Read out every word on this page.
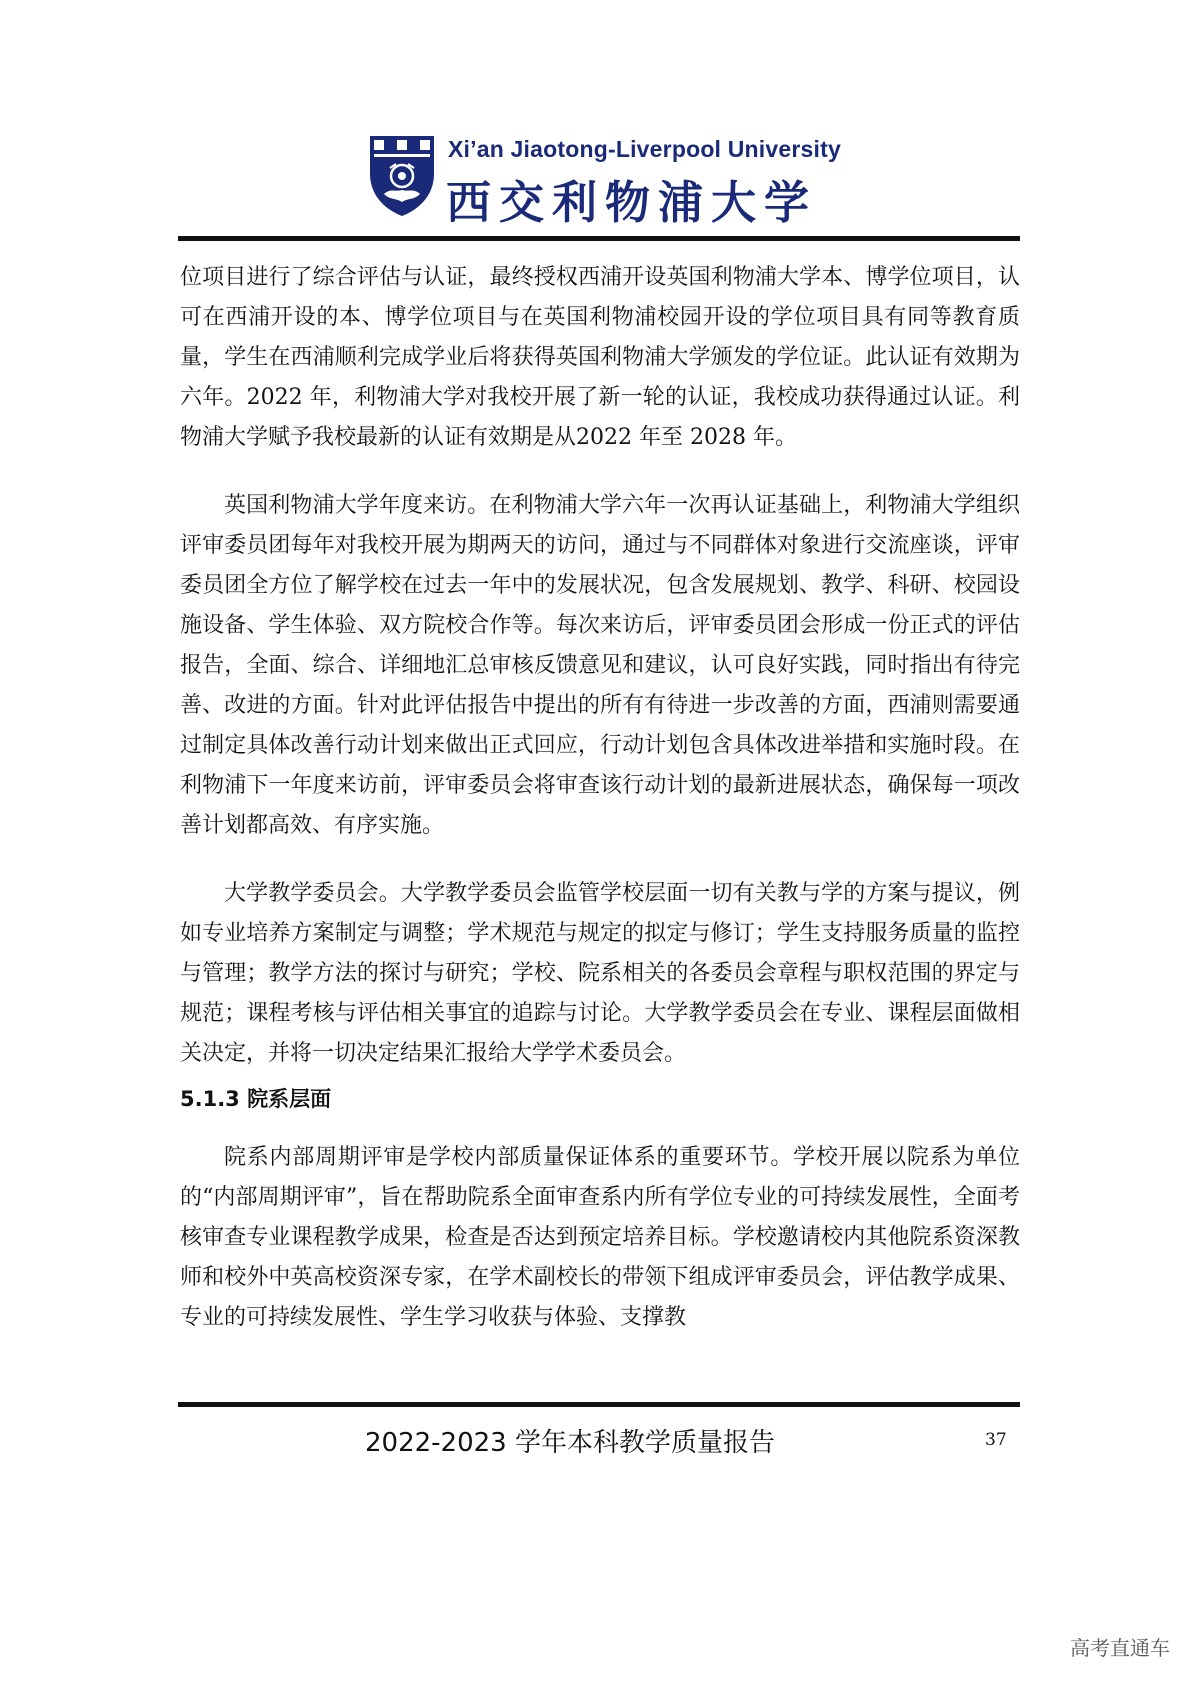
Xi’an Jiaotong-Liverpool University
西交利物浦大学

位项目进行了综合评估与认证，最终授权西浦开设英国利物浦大学本、博学位项目，认可在西浦开设的本、博学位项目与在英国利物浦校园开设的学位项目具有同等教育质量，学生在西浦顺利完成学业后将获得英国利物浦大学颁发的学位证。此认证有效期为六年。2022 年，利物浦大学对我校开展了新一轮的认证，我校成功获得通过认证。利物浦大学赋予我校最新的认证有效期是从2022 年至 2028 年。

英国利物浦大学年度来访。在利物浦大学六年一次再认证基础上，利物浦大学组织评审委员团每年对我校开展为期两天的访问，通过与不同群体对象进行交流座谈，评审委员团全方位了解学校在过去一年中的发展状况，包含发展规划、教学、科研、校园设施设备、学生体验、双方院校合作等。每次来访后，评审委员团会形成一份正式的评估报告，全面、综合、详细地汇总审核反馈意见和建议，认可良好实践，同时指出有待完善、改进的方面。针对此评估报告中提出的所有有待进一步改善的方面，西浦则需要通过制定具体改善行动计划来做出正式回应，行动计划包含具体改进举措和实施时段。在利物浦下一年度来访前，评审委员会将审查该行动计划的最新进展状态，确保每一项改善计划都高效、有序实施。

大学教学委员会。大学教学委员会监管学校层面一切有关教与学的方案与提议，例如专业培养方案制定与调整；学术规范与规定的拟定与修订；学生支持服务质量的监控与管理；教学方法的探讨与研究；学校、院系相关的各委员会章程与职权范围的界定与规范；课程考核与评估相关事宜的追踪与讨论。大学教学委员会在专业、课程层面做相关决定，并将一切决定结果汇报给大学学术委员会。

5.1.3 院系层面

院系内部周期评审是学校内部质量保证体系的重要环节。学校开展以院系为单位的“内部周期评审”，旨在帮助院系全面审查系内所有学位专业的可持续发展性，全面考核审查专业课程教学成果，检查是否达到预定培养目标。学校邀请校内其他院系资深教师和校外中英高校资深专家，在学术副校长的带领下组成评审委员会，评估教学成果、专业的可持续发展性、学生学习收获与体验、支撑教

2022-2023 学年本科教学质量报告	37
高考直通车
